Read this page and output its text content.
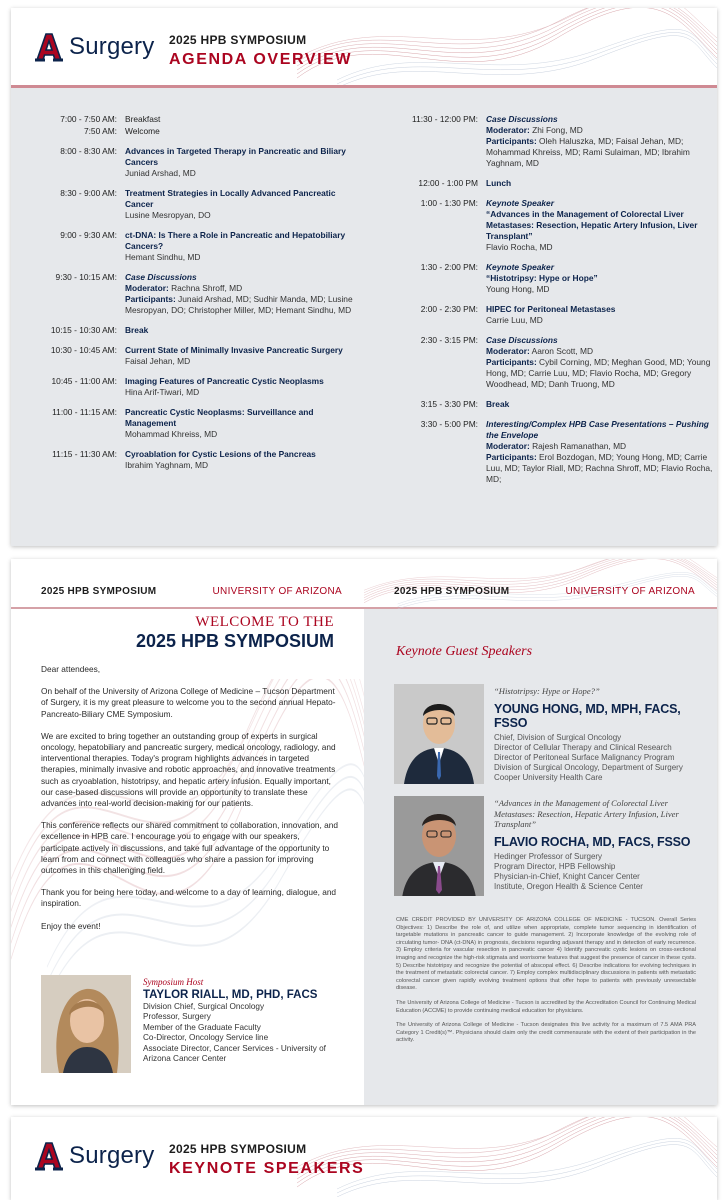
Surgery 2025 HPB SYMPOSIUM
AGENDA OVERVIEW
7:00 - 7:50 AM: Breakfast
7:50 AM: Welcome
8:00 - 8:30 AM: Advances in Targeted Therapy in Pancreatic and Biliary Cancers
Juniad Arshad, MD
8:30 - 9:00 AM: Treatment Strategies in Locally Advanced Pancreatic Cancer
Lusine Mesropyan, DO
9:00 - 9:30 AM: ct-DNA: Is There a Role in Pancreatic and Hepatobiliary Cancers?
Hemant Sindhu, MD
9:30 - 10:15 AM: Case Discussions
Moderator: Rachna Shroff, MD
Participants: Junaid Arshad, MD; Sudhir Manda, MD; Lusine Mesropyan, DO; Christopher Miller, MD; Hemant Sindhu, MD
10:15 - 10:30 AM: Break
10:30 - 10:45 AM: Current State of Minimally Invasive Pancreatic Surgery
Faisal Jehan, MD
10:45 - 11:00 AM: Imaging Features of Pancreatic Cystic Neoplasms
Hina Arif-Tiwari, MD
11:00 - 11:15 AM: Pancreatic Cystic Neoplasms: Surveillance and Management
Mohammad Khreiss, MD
11:15 - 11:30 AM: Cyroablation for Cystic Lesions of the Pancreas
Ibrahim Yaghnam, MD
11:30 - 12:00 PM: Case Discussions
Moderator: Zhi Fong, MD
Participants: Oleh Haluszka, MD; Faisal Jehan, MD; Mohammad Khreiss, MD; Rami Sulaiman, MD; Ibrahim Yaghnam, MD
12:00 - 1:00 PM Lunch
1:00 - 1:30 PM: Keynote Speaker
“Advances in the Management of Colorectal Liver Metastases: Resection, Hepatic Artery Infusion, Liver Transplant”
Flavio Rocha, MD
1:30 - 2:00 PM: Keynote Speaker
“Histotripsy: Hype or Hope”
Young Hong, MD
2:00 - 2:30 PM: HIPEC for Peritoneal Metastases
Carrie Luu, MD
2:30 - 3:15 PM: Case Discussions
Moderator: Aaron Scott, MD
Participants: Cybil Corning, MD; Meghan Good, MD; Young Hong, MD; Carrie Luu, MD; Flavio Rocha, MD; Gregory Woodhead, MD; Danh Truong, MD
3:15 - 3:30 PM: Break
3:30 - 5:00 PM: Interesting/Complex HPB Case Presentations – Pushing the Envelope
Moderator: Rajesh Ramanathan, MD
Participants: Erol Bozdogan, MD; Young Hong, MD; Carrie Luu, MD; Taylor Riall, MD; Rachna Shroff, MD; Flavio Rocha, MD;
2025 HPB SYMPOSIUM	UNIVERSITY OF ARIZONA
WELCOME TO THE
2025 HPB SYMPOSIUM

Dear attendees,

On behalf of the University of Arizona College of Medicine – Tucson Department of Surgery, it is my great pleasure to welcome you to the second annual Hepato-Pancreato-Biliary CME Symposium.

We are excited to bring together an outstanding group of experts in surgical oncology, hepatobiliary and pancreatic surgery, medical oncology, radiology, and interventional therapies. Today's program highlights advances in targeted therapies, minimally invasive and robotic approaches, and innovative treatments such as cryoablation, histotripsy, and hepatic artery infusion. Equally important, our case-based discussions will provide an opportunity to translate these advances into real-world decision-making for our patients.

This conference reflects our shared commitment to collaboration, innovation, and excellence in HPB care. I encourage you to engage with our speakers, participate actively in discussions, and take full advantage of the opportunity to learn from and connect with colleagues who share a passion for improving outcomes in this challenging field.

Thank you for being here today, and welcome to a day of learning, dialogue, and inspiration.

Enjoy the event!

Symposium Host
TAYLOR RIALL, MD, PHD, FACS
Division Chief, Surgical Oncology
Professor, Surgery
Member of the Graduate Faculty
Co-Director, Oncology Service line
Associate Director, Cancer Services - University of Arizona Cancer Center
2025 HPB SYMPOSIUM	UNIVERSITY OF ARIZONA
Keynote Guest Speakers
“Histotripsy: Hype or Hope?”
YOUNG HONG, MD, MPH, FACS, FSSO
Chief, Division of Surgical Oncology
Director of Cellular Therapy and Clinical Research
Director of Peritoneal Surface Malignancy Program
Division of Surgical Oncology, Department of Surgery
Cooper University Health Care
“Advances in the Management of Colorectal Liver Metastases: Resection, Hepatic Artery Infusion, Liver Transplant”
FLAVIO ROCHA, MD, FACS, FSSO
Hedinger Professor of Surgery
Program Director, HPB Fellowship
Physician-in-Chief, Knight Cancer Center
Institute, Oregon Health & Science Center

CME CREDIT PROVIDED BY UNIVERSITY OF ARIZONA COLLEGE OF MEDICINE - TUCSON. Overall Series Objectives: 1) Describe the role of, and utilize when appropriate, complete tumor sequencing in identification of targetable mutations in pancreatic cancer to guide management. 2) Incorporate knowledge of the evolving role of circulating tumor- DNA (ct-DNA) in prognosis, decisions regarding adjuvant therapy and in detection of early recurrence. 3) Employ criteria for vascular resection in pancreatic cancer 4) Identify pancreatic cystic lesions on cross-sectional imaging and recognize the high-risk stigmata and worrisome features that suggest the presence of cancer in these cysts. 5) Describe histotripsy and recognize the potential of abscopal effect. 6) Describe indications for evolving techniques in the treatment of metastatic colorectal cancer. 7) Employ complex multidisciplinary discussions in patients with metastatic colorectal cancer given rapidly evolving treatment options that offer hope to patients with previously unresectable disease.

The University of Arizona College of Medicine - Tucson is accredited by the Accreditation Council for Continuing Medical Education (ACCME) to provide continuing medical education for physicians.

The University of Arizona College of Medicine - Tucson designates this live activity for a maximum of 7.5 AMA PRA Category 1 Credit(s)™. Physicians should claim only the credit commensurate with the extent of their participation in the activity.

Surgery 2025 HPB SYMPOSIUM
KEYNOTE SPEAKERS
